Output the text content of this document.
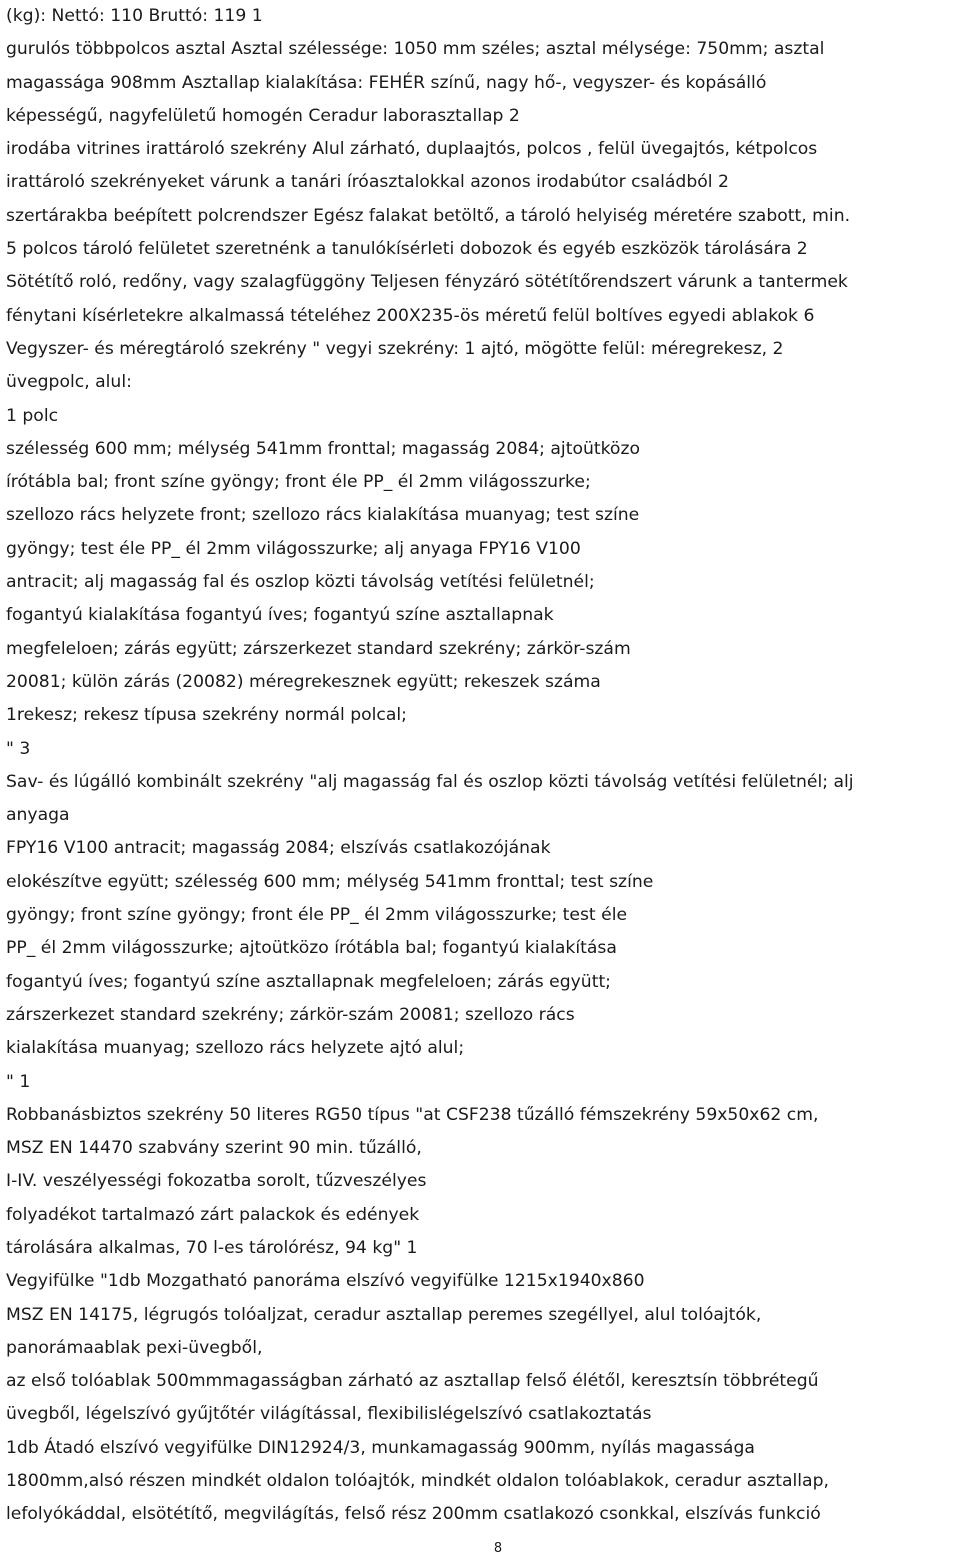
(kg): Nettó: 110 Bruttó: 119 1
gurulós többpolcos asztal Asztal szélessége: 1050 mm széles; asztal mélysége: 750mm; asztal
magassága 908mm Asztallap kialakítása: FEHÉR színű, nagy hő-, vegyszer- és kopásálló
képességű, nagyfelületű homogén Ceradur laborasztallap 2
irodába vitrines irattároló szekrény Alul zárható, duplaajtós, polcos , felül üvegajtós, kétpolcos
irattároló szekrényeket várunk a tanári íróasztalokkal azonos irodabútor családból 2
szertárakba beépített polcrendszer Egész falakat betöltő, a tároló helyiség méretére szabott, min.
5 polcos tároló felületet szeretnénk a tanulókísérleti dobozok és egyéb eszközök tárolására 2
Sötétítő roló, redőny, vagy szalagfüggöny Teljesen fényzáró sötétítőrendszert várunk a tantermek
fénytani kísérletekre alkalmassá tételéhez 200X235-ös méretű felül boltíves egyedi ablakok 6
Vegyszer- és méregtároló szekrény " vegyi szekrény: 1 ajtó, mögötte felül: méregrekesz, 2
üvegpolc, alul:
1 polc
szélesség 600 mm; mélység 541mm fronttal; magasság 2084; ajtoütközo
írótábla bal; front színe gyöngy; front éle PP_ él 2mm világosszurke;
szellozo rács helyzete front; szellozo rács kialakítása muanyag; test színe
gyöngy; test éle PP_ él 2mm világosszurke; alj anyaga FPY16 V100
antracit; alj magasság fal és oszlop közti távolság vetítési felületnél;
fogantyú kialakítása fogantyú íves; fogantyú színe asztallapnak
megfeleloen; zárás együtt; zárszerkezet standard szekrény; zárkör-szám
20081; külön zárás (20082) méregrekesznek együtt; rekeszek száma
1rekesz; rekesz típusa szekrény normál polcal;
" 3
Sav- és lúgálló kombinált szekrény "alj magasság fal és oszlop közti távolság vetítési felületnél; alj
anyaga
FPY16 V100 antracit; magasság 2084; elszívás csatlakozójának
elokészítve együtt; szélesség 600 mm; mélység 541mm fronttal; test színe
gyöngy; front színe gyöngy; front éle PP_ él 2mm világosszurke; test éle
PP_ él 2mm világosszurke; ajtoütközo írótábla bal; fogantyú kialakítása
fogantyú íves; fogantyú színe asztallapnak megfeleloen; zárás együtt;
zárszerkezet standard szekrény; zárkör-szám 20081; szellozo rács
kialakítása muanyag; szellozo rács helyzete ajtó alul;
" 1
Robbanásbiztos szekrény 50 literes RG50 típus "at CSF238 tűzálló fémszekrény 59x50x62 cm,
MSZ EN 14470 szabvány szerint 90 min. tűzálló,
I-IV. veszélyességi fokozatba sorolt, tűzveszélyes
folyadékot tartalmazó zárt palackok és edények
tárolására alkalmas, 70 l-es tárolórész, 94 kg" 1
Vegyifülke "1db Mozgatható panoráma elszívó vegyifülke 1215x1940x860
MSZ EN 14175, légrugós tolóaljzat, ceradur asztallap peremes szegéllyel, alul tolóajtók,
panorámaablak pexi-üvegből,
az első tolóablak 500mmmagasságban zárható az asztallap felső élétől, keresztsín többrétegű
üvegből, légelszívó gyűjtőtér világítással, flexibilislégelszívó csatlakoztatás
1db Átadó elszívó vegyifülke DIN12924/3, munkamagasság 900mm, nyílás magassága
1800mm,alsó részen mindkét oldalon tolóajtók, mindkét oldalon tolóablakok, ceradur asztallap,
lefolyókáddal, elsötétítő, megvilágítás, felső rész 200mm csatlakozó csonkkal, elszívás funkció
8
